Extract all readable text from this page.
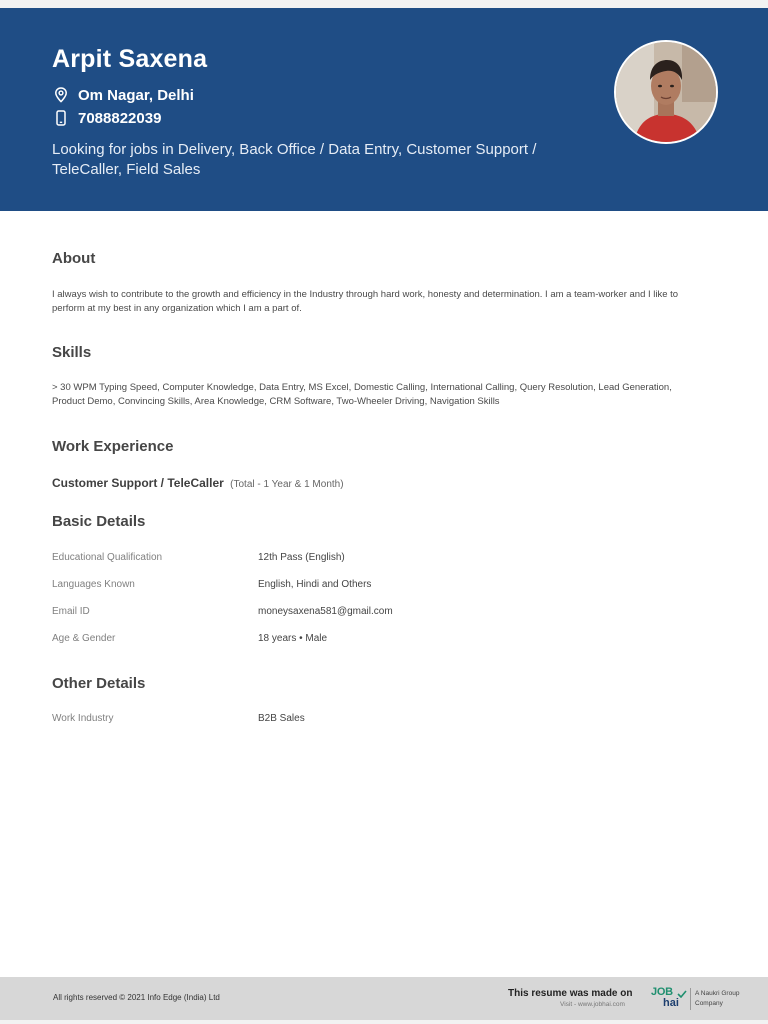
Arpit Saxena
Om Nagar, Delhi
7088822039
Looking for jobs in Delivery, Back Office / Data Entry, Customer Support / TeleCaller, Field Sales
About
I always wish to contribute to the growth and efficiency in the Industry through hard work, honesty and determination. I am a team-worker and I like to perform at my best in any organization which I am a part of.
Skills
> 30 WPM Typing Speed, Computer Knowledge, Data Entry, MS Excel, Domestic Calling, International Calling, Query Resolution, Lead Generation, Product Demo, Convincing Skills, Area Knowledge, CRM Software, Two-Wheeler Driving, Navigation Skills
Work Experience
Customer Support / TeleCaller (Total - 1 Year & 1 Month)
Basic Details
Educational Qualification	12th Pass (English)
Languages Known	English, Hindi and Others
Email ID	moneysaxena581@gmail.com
Age & Gender	18 years • Male
Other Details
Work Industry	B2B Sales
All rights reserved © 2021 Info Edge (India) Ltd	This resume was made on
Visit - www.jobhai.com
JOB
hai
A Naukri Group
Company
